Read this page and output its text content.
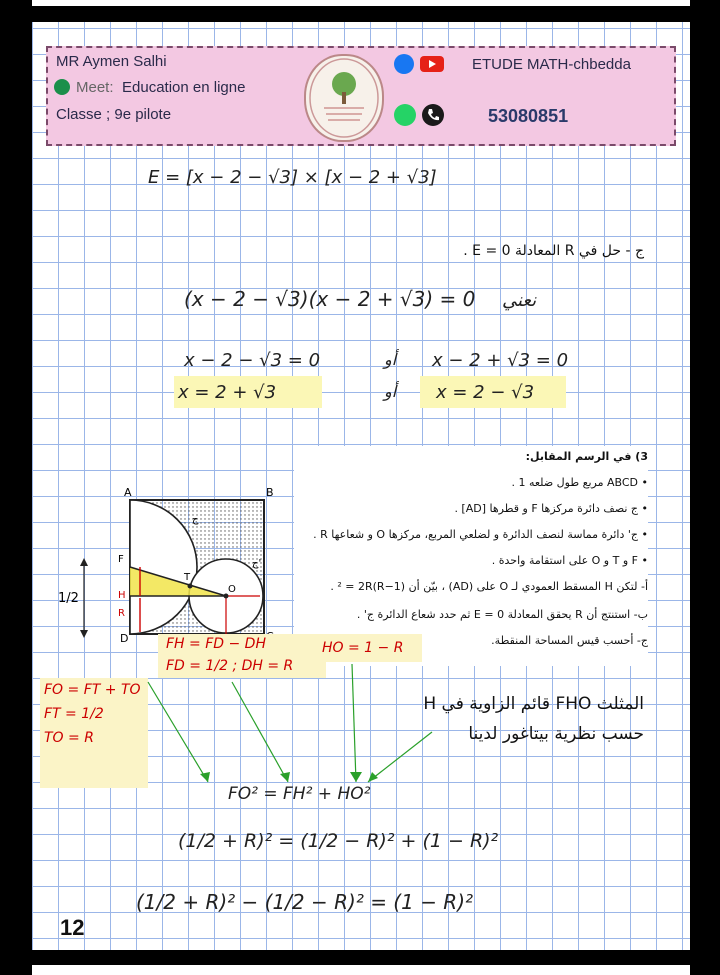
MR Aymen Salhi
Meet: Education en ligne
Classe ; 9e pilote
ETUDE MATH-chbedda
53080851
E = [x − 2 − √3] × [x − 2 + √3]
ج - حل في R المعادلة E = 0 .
(x − 2 − √3)(x − 2 + √3) = 0 نعني
x − 2 − √3 = 0	أو x − 2 + √3 = 0
x = 2 + √3	أو x = 2 − √3
3) في الرسم المقابل:
• ABCD مربع طول ضلعه 1 .
• ج نصف دائرة مركزها F و قطرها [AD] .
• ج' دائرة مماسة لنصف الدائرة و لضلعي المربع، مركزها O و شعاعها R .
• F و T و O على استقامة واحدة .
أ- لتكن H المسقط العمودي لـ O على (AD) ، بيّن أن (1−R)² = 2R .
ب- استنتج أن R يحقق المعادلة E = 0 ثم حدد شعاع الدائرة ج' .
ج- أحسب قيس المساحة المنقطة.
A	B
D
F
T
O
H
R
ج
ج'
1/2
FH = FD − DH
FD = 1/2 ; DH = R
HO = 1 − R
FO = FT + TO
FT = 1/2
TO = R
المثلث FHO قائم الزاوية في H
حسب نظرية بيتاغور لدينا
FO² = FH² + HO²
(1/2 + R)² = (1/2 − R)² + (1 − R)²
(1/2 + R)² − (1/2 − R)² = (1 − R)²
12
